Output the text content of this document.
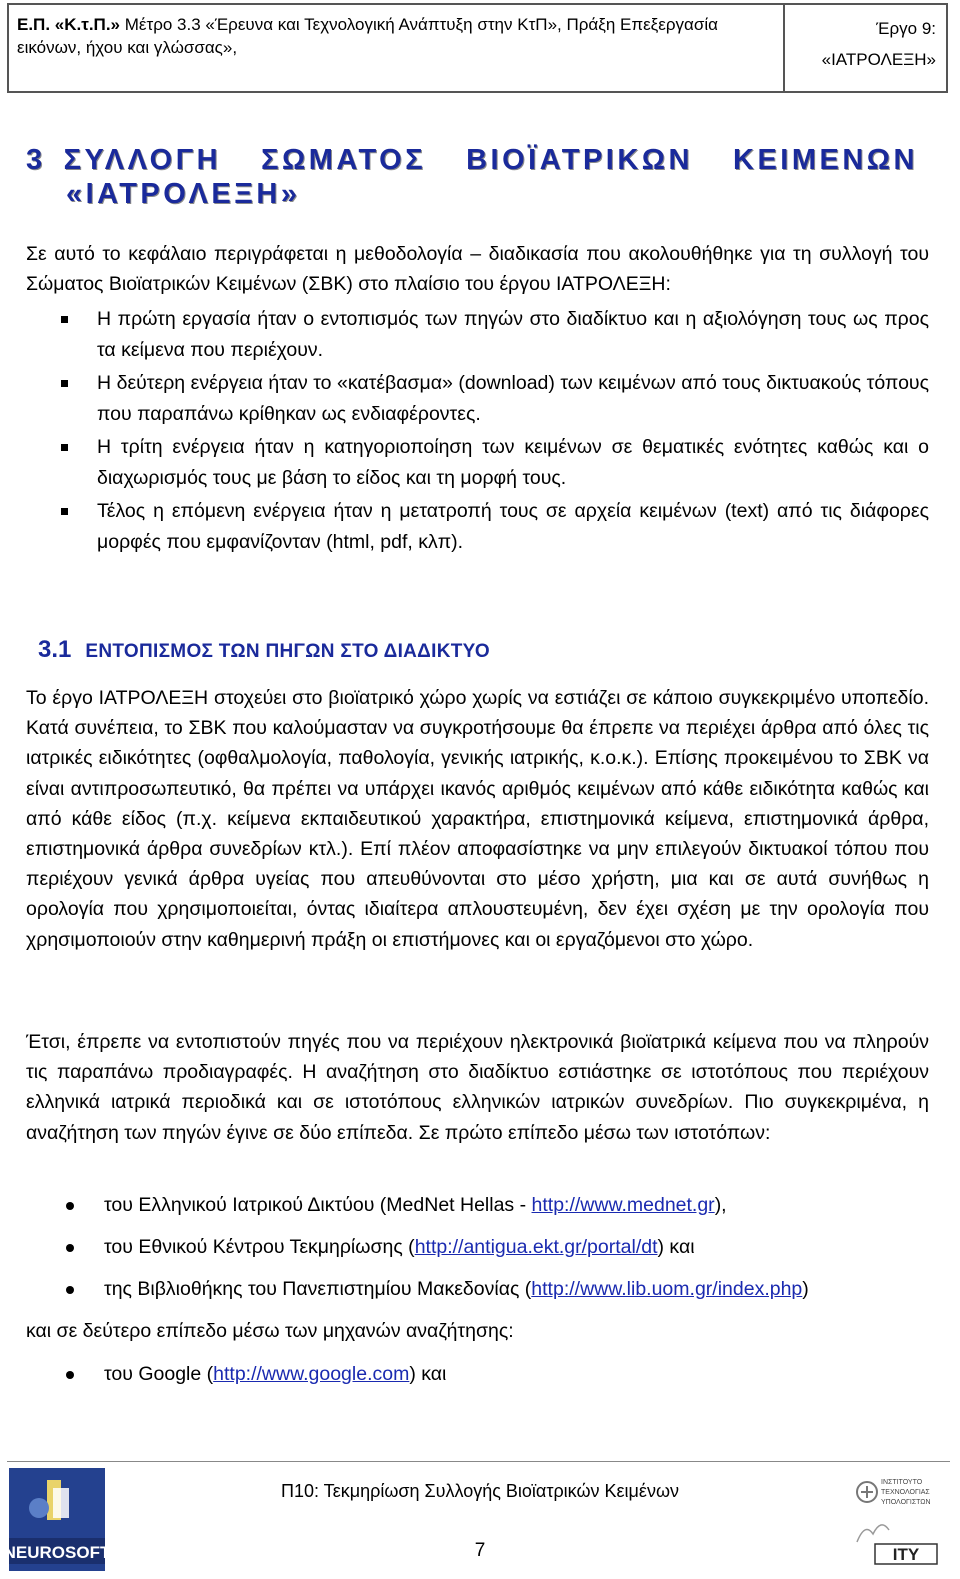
Ε.Π. «Κ.τ.Π.» Μέτρο 3.3 «Έρευνα και Τεχνολογική Ανάπτυξη στην ΚτΠ», Πράξη Επεξεργασία
εικόνων, ήχου και γλώσσας»,
Έργο 9:
«ΙΑΤΡΟΛΕΞΗ»
3 ΣΥΛΛΟΓΗ ΣΩΜΑΤΟΣ ΒΙΟΪΑΤΡΙΚΩΝ ΚΕΙΜΕΝΩΝ
«ΙΑΤΡΟΛΕΞΗ»
Σε αυτό το κεφάλαιο περιγράφεται η μεθοδολογία – διαδικασία που ακολουθήθηκε για τη συλλογή του Σώματος Βιοϊατρικών Κειμένων (ΣΒΚ) στο πλαίσιο του έργου ΙΑΤΡΟΛΕΞΗ:
Η πρώτη εργασία ήταν ο εντοπισμός των πηγών στο διαδίκτυο και η αξιολόγηση τους ως προς τα κείμενα που περιέχουν.
Η δεύτερη ενέργεια ήταν το «κατέβασμα» (download) των κειμένων από τους δικτυακούς τόπους που παραπάνω κρίθηκαν ως ενδιαφέροντες.
Η τρίτη ενέργεια ήταν η κατηγοριοποίηση των κειμένων σε θεματικές ενότητες καθώς και ο διαχωρισμός τους με βάση το είδος και τη μορφή τους.
Τέλος η επόμενη ενέργεια ήταν η μετατροπή τους σε αρχεία κειμένων (text) από τις διάφορες μορφές που εμφανίζονταν (html, pdf, κλπ).
3.1 ΕΝΤΟΠΙΣΜΟΣ ΤΩΝ ΠΗΓΩΝ ΣΤΟ ΔΙΑΔΙΚΤΥΟ
Το έργο ΙΑΤΡΟΛΕΞΗ στοχεύει στο βιοϊατρικό χώρο χωρίς να εστιάζει σε κάποιο συγκεκριμένο υποπεδίο. Κατά συνέπεια, το ΣΒΚ που καλούμασταν να συγκροτήσουμε θα έπρεπε να περιέχει άρθρα από όλες τις ιατρικές ειδικότητες (οφθαλμολογία, παθολογία, γενικής ιατρικής, κ.ο.κ.). Επίσης προκειμένου το ΣΒΚ να είναι αντιπροσωπευτικό, θα πρέπει να υπάρχει ικανός αριθμός κειμένων από κάθε ειδικότητα καθώς και από κάθε είδος (π.χ. κείμενα εκπαιδευτικού χαρακτήρα, επιστημονικά κείμενα, επιστημονικά άρθρα, επιστημονικά άρθρα συνεδρίων κτλ.). Επί πλέον αποφασίστηκε να μην επιλεγούν δικτυακοί τόπου που περιέχουν γενικά άρθρα υγείας που απευθύνονται στο μέσο χρήστη, μια και σε αυτά συνήθως η ορολογία που χρησιμοποιείται, όντας ιδιαίτερα απλουστευμένη, δεν έχει σχέση με την ορολογία που χρησιμοποιούν στην καθημερινή πράξη οι επιστήμονες και οι εργαζόμενοι στο χώρο.
Έτσι, έπρεπε να εντοπιστούν πηγές που να περιέχουν ηλεκτρονικά βιοϊατρικά κείμενα που να πληρούν τις παραπάνω προδιαγραφές. Η αναζήτηση στο διαδίκτυο εστιάστηκε σε ιστοτόπους που περιέχουν ελληνικά ιατρικά περιοδικά και σε ιστοτόπους ελληνικών ιατρικών συνεδρίων. Πιο συγκεκριμένα, η αναζήτηση των πηγών έγινε σε δύο επίπεδα. Σε πρώτο επίπεδο μέσω των ιστοτόπων:
του Ελληνικού Ιατρικού Δικτύου (MedNet Hellas - http://www.mednet.gr),
του Εθνικού Κέντρου Τεκμηρίωσης (http://antigua.ekt.gr/portal/dt) και
της Βιβλιοθήκης του Πανεπιστημίου Μακεδονίας (http://www.lib.uom.gr/index.php)
και σε δεύτερο επίπεδο μέσω των μηχανών αναζήτησης:
του Google (http://www.google.com) και
NEUROSOFT
Π10: Τεκμηρίωση Συλλογής Βιοϊατρικών Κειμένων
7
ΙΝΣΤΙΤΟΥΤΟ
ΤΕΧΝΟΛΟΓΙΑΣ
ΥΠΟΛΟΓΙΣΤΩΝ
ΙΤΥ
